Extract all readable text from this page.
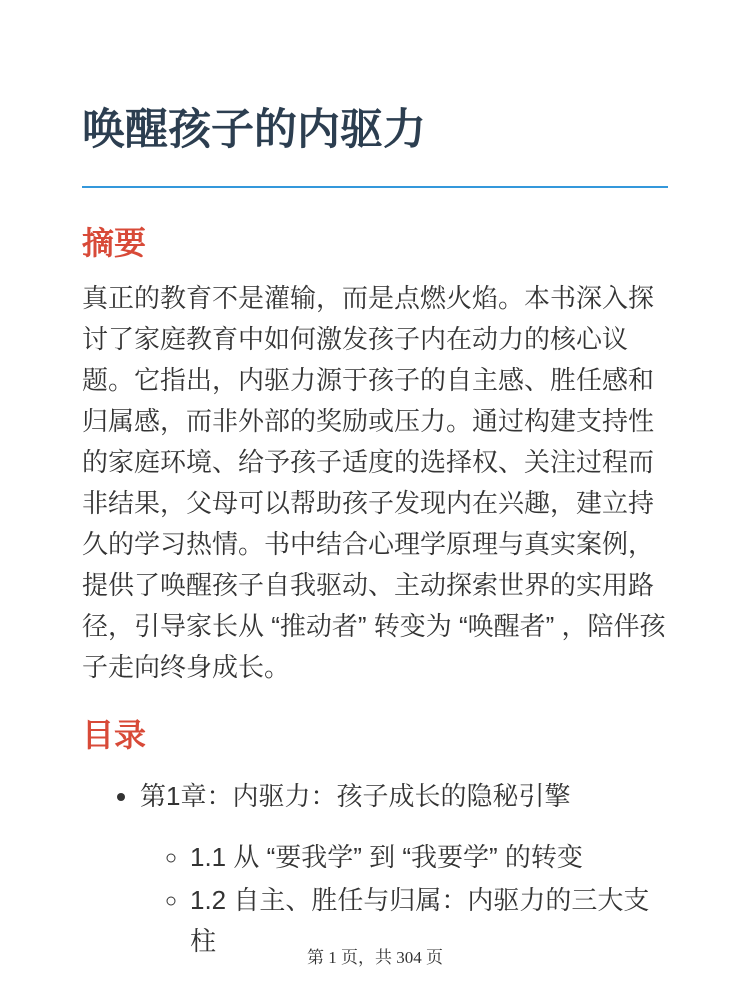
唤醒孩子的内驱力
摘要

真正的教育不是灌输，而是点燃火焰。本书深入探讨了家庭教育中如何激发孩子内在动力的核心议题。它指出，内驱力源于孩子的自主感、胜任感和归属感，而非外部的奖励或压力。通过构建支持性的家庭环境、给予孩子适度的选择权、关注过程而非结果，父母可以帮助孩子发现内在兴趣，建立持久的学习热情。书中结合心理学原理与真实案例，提供了唤醒孩子自我驱动、主动探索世界的实用路径，引导家长从 “推动者” 转变为 “唤醒者” ，陪伴孩子走向终身成长。

目录
• 第1章：内驱力：孩子成长的隐秘引擎
◦ 1.1 从 “要我学” 到 “我要学” 的转变
◦ 1.2 自主、胜任与归属：内驱力的三大支柱
第 1 页，共 304 页
